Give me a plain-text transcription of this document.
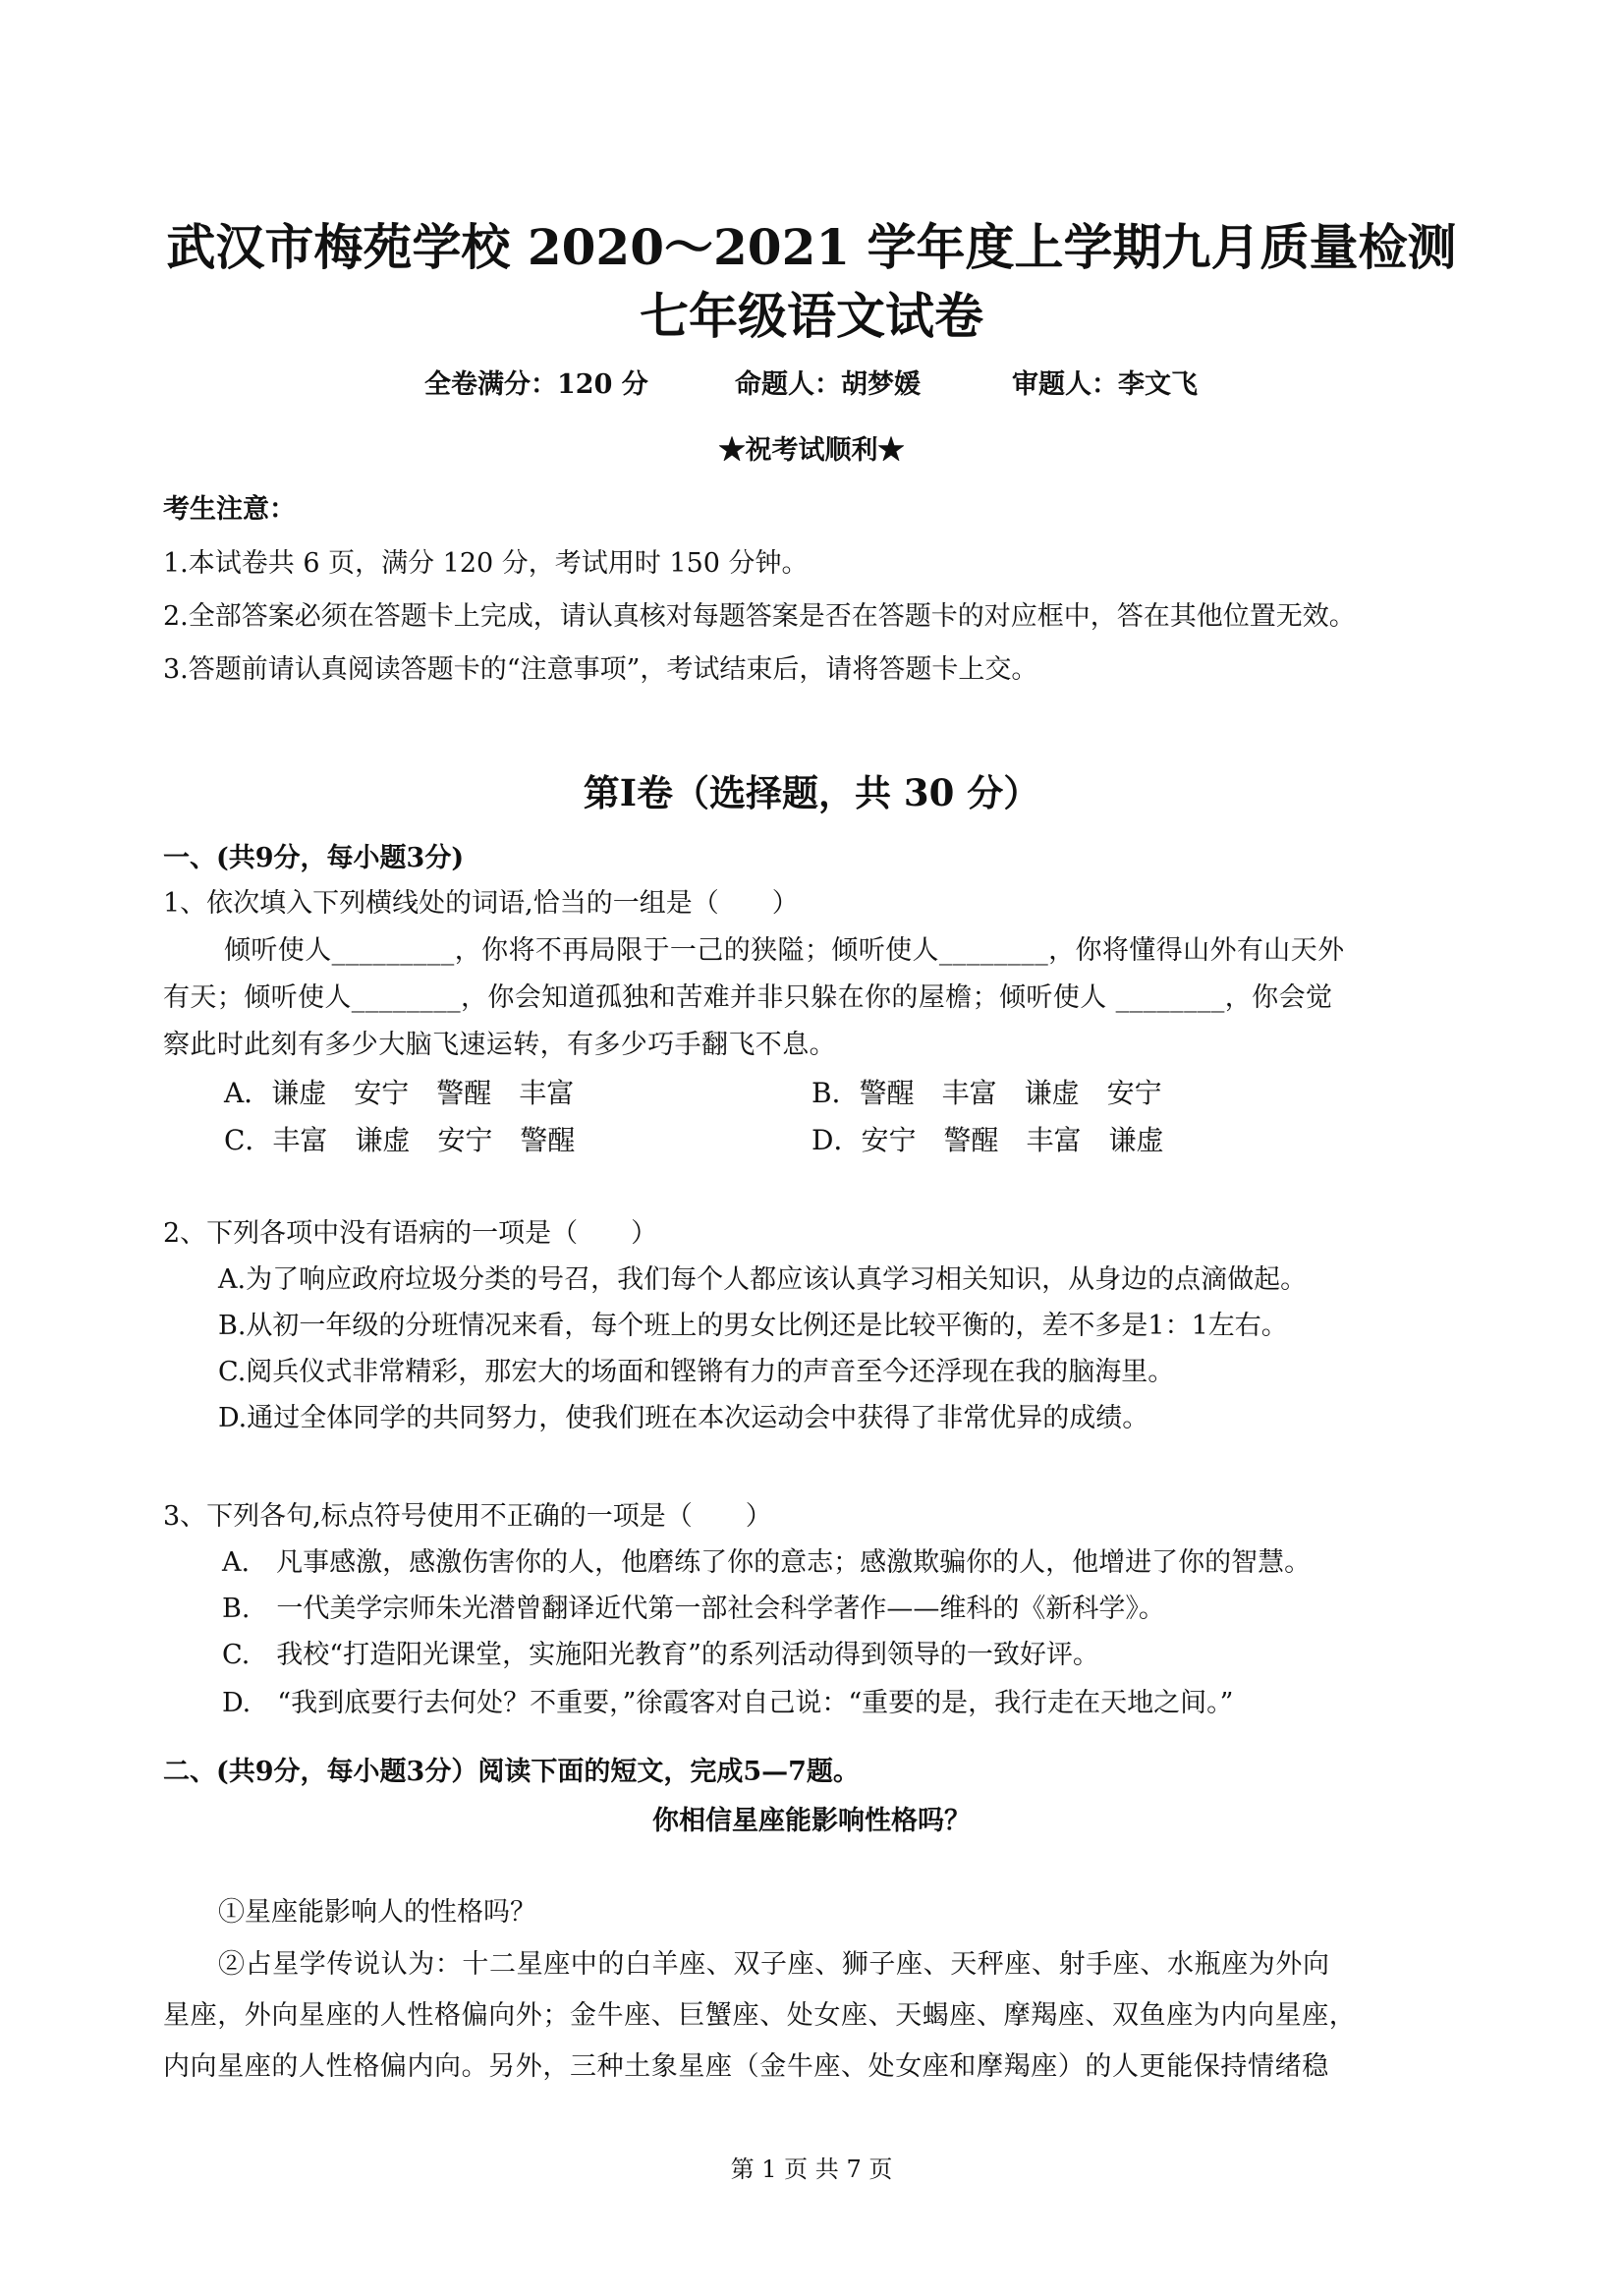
武汉市梅苑学校 2020～2021 学年度上学期九月质量检测
七年级语文试卷
全卷满分：120 分	命题人：胡梦媛	审题人：李文飞
★祝考试顺利★
考生注意：
1.本试卷共 6 页，满分 120 分，考试用时 150 分钟。
2.全部答案必须在答题卡上完成，请认真核对每题答案是否在答题卡的对应框中，答在其他位置无效。
3.答题前请认真阅读答题卡的“注意事项”，考试结束后，请将答题卡上交。
第Ⅰ卷（选择题，共 30 分）
一、(共9分，每小题3分)
1、依次填入下列横线处的词语,恰当的一组是（　　）
倾听使人_________，你将不再局限于一己的狭隘；倾听使人________，你将懂得山外有山天外
有天；倾听使人________，你会知道孤独和苦难并非只躲在你的屋檐；倾听使人 ________，你会觉
察此时此刻有多少大脑飞速运转，有多少巧手翻飞不息。
A．谦虚　安宁　警醒　丰富	B．警醒　丰富　谦虚　安宁
C．丰富　谦虚　安宁　警醒	D．安宁　警醒　丰富　谦虚
2、下列各项中没有语病的一项是（　　）
A.为了响应政府垃圾分类的号召，我们每个人都应该认真学习相关知识，从身边的点滴做起。
B.从初一年级的分班情况来看，每个班上的男女比例还是比较平衡的，差不多是1：1左右。
C.阅兵仪式非常精彩，那宏大的场面和铿锵有力的声音至今还浮现在我的脑海里。
D.通过全体同学的共同努力，使我们班在本次运动会中获得了非常优异的成绩。
3、下列各句,标点符号使用不正确的一项是（　　）
A.　凡事感激，感激伤害你的人，他磨练了你的意志；感激欺骗你的人，他增进了你的智慧。
B.　一代美学宗师朱光潜曾翻译近代第一部社会科学著作——维科的《新科学》。
C.　我校“打造阳光课堂，实施阳光教育”的系列活动得到领导的一致好评。
D.　“我到底要行去何处？不重要，”徐霞客对自己说：“重要的是，我行走在天地之间。”
二、(共9分，每小题3分）阅读下面的短文，完成5—7题。
你相信星座能影响性格吗？
①星座能影响人的性格吗？
②占星学传说认为：十二星座中的白羊座、双子座、狮子座、天秤座、射手座、水瓶座为外向
星座，外向星座的人性格偏向外；金牛座、巨蟹座、处女座、天蝎座、摩羯座、双鱼座为内向星座，
内向星座的人性格偏内向。另外，三种土象星座（金牛座、处女座和摩羯座）的人更能保持情绪稳
第 1 页 共 7 页
